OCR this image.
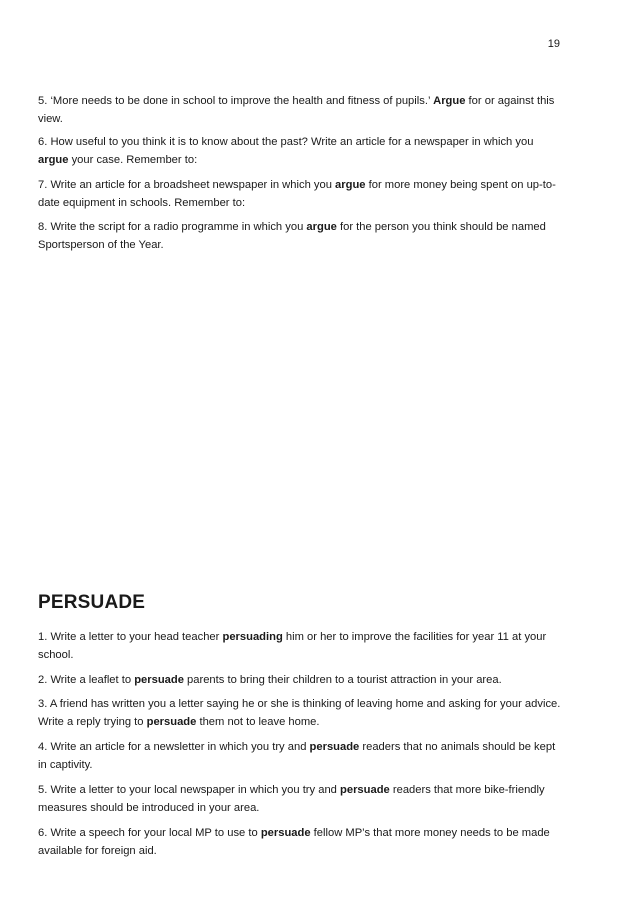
19

5. ‘More needs to be done in school to improve the health and fitness of pupils.’ Argue for or against this view.

6. How useful to you think it is to know about the past? Write an article for a newspaper in which you argue your case. Remember to:

7. Write an article for a broadsheet newspaper in which you argue for more money being spent on up-to-date equipment in schools. Remember to:

8. Write the script for a radio programme in which you argue for the person you think should be named Sportsperson of the Year.

PERSUADE

1. Write a letter to your head teacher persuading him or her to improve the facilities for year 11 at your school.

2. Write a leaflet to persuade parents to bring their children to a tourist attraction in your area.

3. A friend has written you a letter saying he or she is thinking of leaving home and asking for your advice. Write a reply trying to persuade them not to leave home.

4. Write an article for a newsletter in which you try and persuade readers that no animals should be kept in captivity.

5. Write a letter to your local newspaper in which you try and persuade readers that more bike-friendly measures should be introduced in your area.

6. Write a speech for your local MP to use to persuade fellow MP’s that more money needs to be made available for foreign aid.
